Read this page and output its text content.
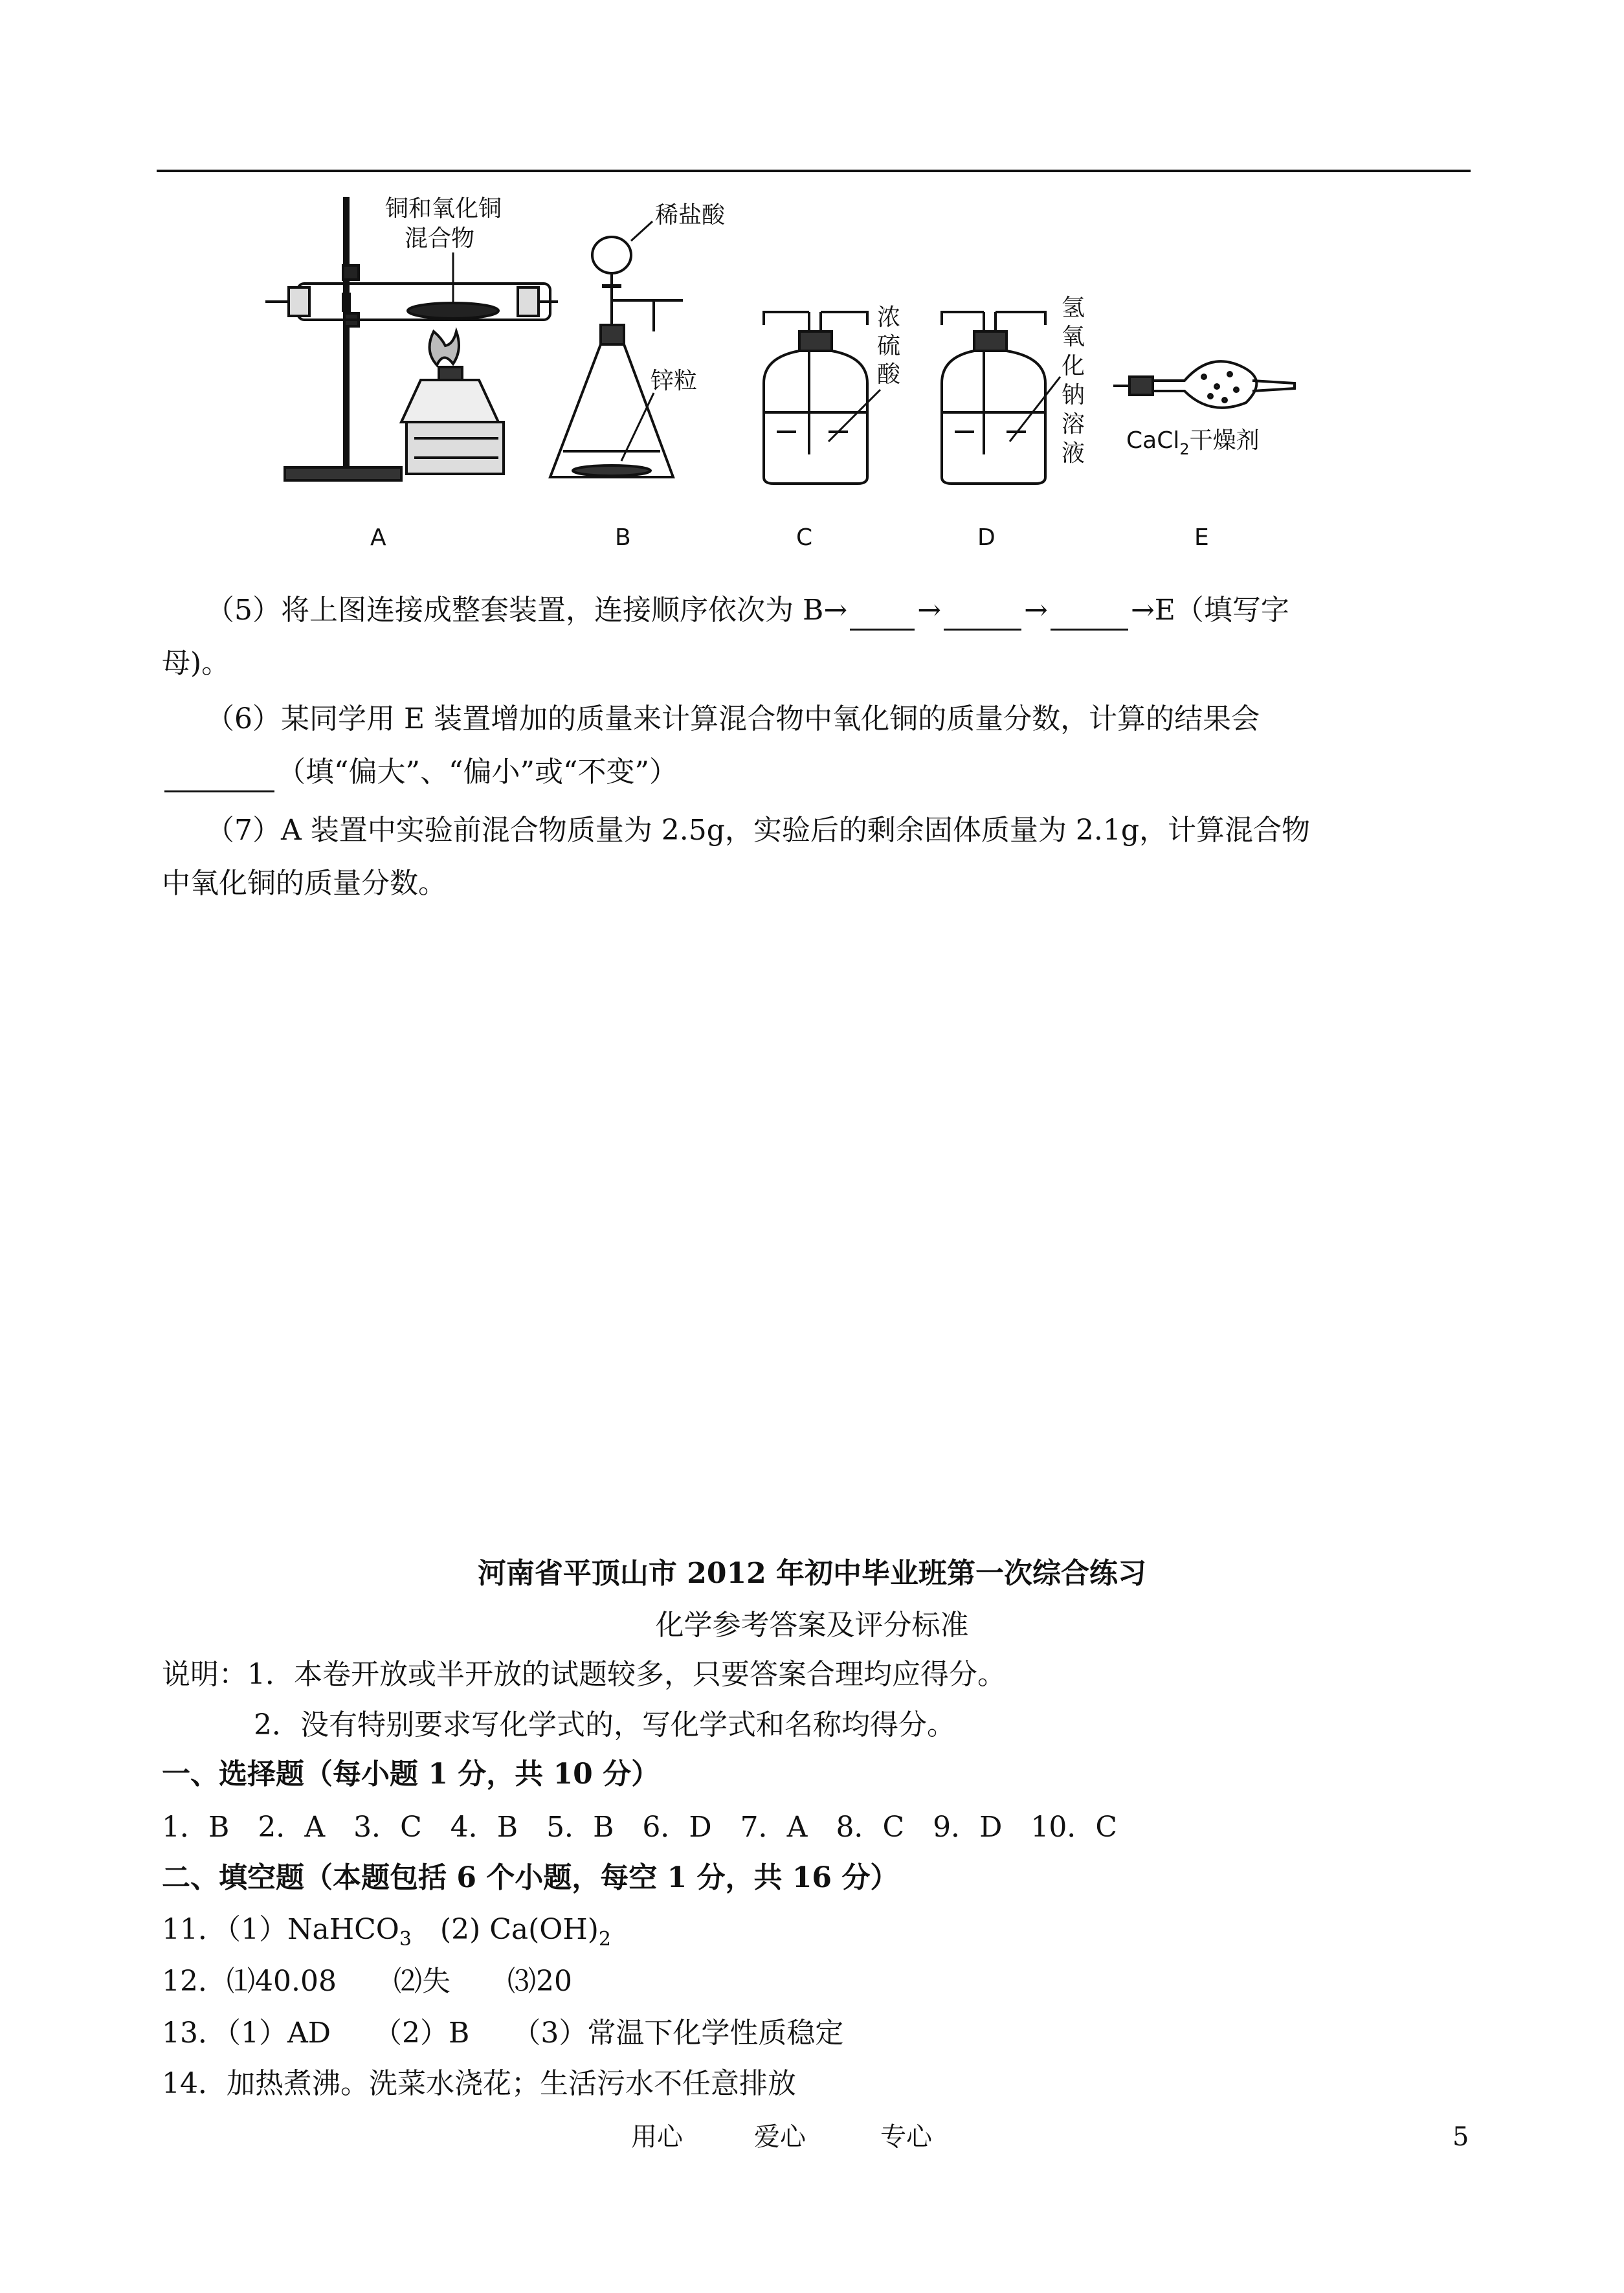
铜和氧化铜
混合物
稀盐酸
锌粒
浓
硫
酸
氢
氧
化
钠
溶
液 CaCl$_2$干燥剂
A	B	C	D	E
（5）将上图连接成整套装置，连接顺序依次为 B→ →	→	→E（填写字
母)。
（6）某同学用 E 装置增加的质量来计算混合物中氧化铜的质量分数，计算的结果会
（填“偏大”、“偏小”或“不变”）
（7）A 装置中实验前混合物质量为 2.5g，实验后的剩余固体质量为 2.1g，计算混合物
中氧化铜的质量分数。
河南省平顶山市 2012 年初中毕业班第一次综合练习
化学参考答案及评分标准
说明：1．本卷开放或半开放的试题较多，只要答案合理均应得分。
2．没有特别要求写化学式的，写化学式和名称均得分。
一、选择题（每小题 1 分，共 10 分）
1．B　2．A　3．C　4．B　5．B　6．D　7．A　8．C　9．D　10．C
二、填空题（本题包括 6 个小题，每空 1 分，共 16 分）
11．（1）NaHCO$_3$　(2) $Ca(OH)_2$
12．⑴40.08　　⑵失　　⑶20
13．（1）AD　　（2）B　　（3）常温下化学性质稳定
14．加热煮沸。洗菜水浇花；生活污水不任意排放
用心	爱心	专心	5
